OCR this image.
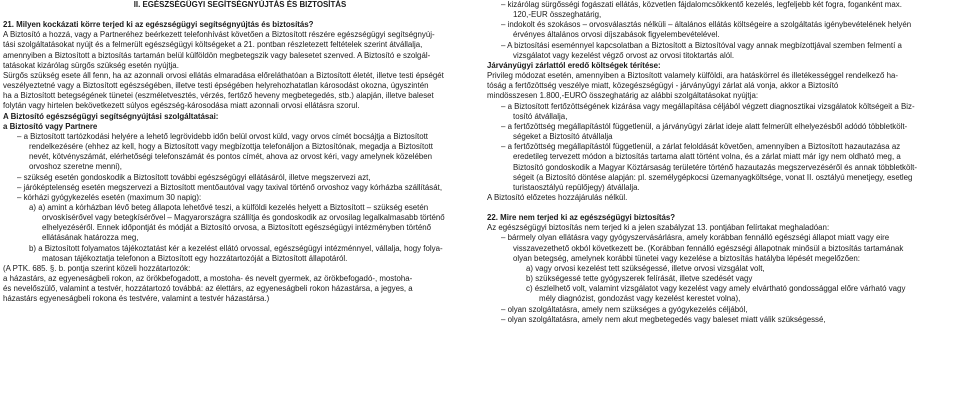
II. EGÉSZSÉGÜGYI SEGÍTSÉGNYÚJTÁS ÉS BIZTOSÍTÁS
21. Milyen kockázati körre terjed ki az egészségügyi segítségnyújtás és biztosítás?
A Biztosító a hozzá, vagy a Partneréhez beérkezett telefonhívást követően a Biztosított részére egészségügyi segítségnyúj-
tási szolgáltatásokat nyújt és a felmerült egészségügyi költségeket a 21. pontban részletezett feltételek szerint átvállalja,
amennyiben a Biztosított a biztosítás tartamán belül külföldön megbetegszik vagy balesetet szenved. A Biztosító e szolgál-
tatásokat kizárólag sürgős szükség esetén nyújtja.
Sürgős szükség esete áll fenn, ha az azonnali orvosi ellátás elmaradása előreláthatóan a Biztosított életét, illetve testi épségét
veszélyeztetné vagy a Biztosított egészségében, illetve testi épségében helyrehozhatatlan károsodást okozna, úgyszintén
ha a Biztosított betegségének tünetei (eszméletvesztés, vérzés, fertőző heveny megbetegedés, stb.) alapján, illetve baleset
folytán vagy hirtelen bekövetkezett súlyos egészség-károsodása miatt azonnali orvosi ellátásra szorul.
A Biztosító egészségügyi segítségnyújtási szolgáltatásai:
a Biztosító vagy Partnere
– a Biztosított tartózkodási helyére a lehető legrövidebb időn belül orvost küld, vagy orvos címét bocsájtja a Biztosított
rendelkezésére (ehhez az kell, hogy a Biztosított vagy megbízottja telefonáljon a Biztosítónak, megadja a Biztosított
nevét, kötvényszámát, elérhetőségi telefonszámát és pontos címét, ahova az orvost kéri, vagy amelynek közelében
orvoshoz szeretne menni),
– szükség esetén gondoskodik a Biztosított további egészségügyi ellátásáról, illetve megszervezi azt,
– járóképtelenség esetén megszervezi a Biztosított mentőautóval vagy taxival történő orvoshoz vagy kórházba szállítását,
– kórházi gyógykezelés esetén (maximum 30 napig):
a) a) amint a kórházban lévő beteg állapota lehetővé teszi, a külföldi kezelés helyett a Biztosított – szükség esetén
orvoskísérővel vagy betegkísérővel – Magyarországra szállítja és gondoskodik az orvosilag legalkalmasabb történő
elhelyezéséről. Ennek időpontját és módját a Biztosító orvosa, a Biztosított egészségügyi intézményben történő
ellátásának határozza meg,
b) a Biztosított folyamatos tájékoztatást kér a kezelést ellátó orvossal, egészségügyi intézménnyel, vállalja, hogy folya-
matosan tájékoztatja telefonon a Biztosított egy hozzátartozóját a Biztosított állapotáról.
(A PTK. 685. §. b. pontja szerint közeli hozzátartozók:
a házastárs, az egyeneságbeli rokon, az örökbefogadott, a mostoha- és nevelt gyermek, az örökbefogadó-, mostoha-
és nevelőszülő, valamint a testvér, hozzátartozó továbbá: az élettárs, az egyeneságbeli rokon házastársa, a jegyes, a
házastárs egyeneságbeli rokona és testvére, valamint a testvér házastársa.)
– kizárólag sürgősségi fogászati ellátás, közvetlen fájdalomcsökkentő kezelés, legfeljebb két fogra, foganként max.
120,-EUR összeghatárig,
– indokolt és szokásos – orvosválasztás nélküli – általános ellátás költségeire a szolgáltatás igénybevételének helyén
érvényes általános orvosi díjszabások figyelembevételével.
– A biztosítási eseménnyel kapcsolatban a Biztosított a Biztosítóval vagy annak megbízottjával szemben felmentí a
vizsgálatot vagy kezelést végző orvost az orvosi titoktartás alól.
Járványügyi zárlattól eredő költségek térítése:
Privileg módozat esetén, amennyiben a Biztosított valamely külföldi, ara hatáskörrel és illetékességgel rendelkező ha-
tóság a fertőzöttség veszélye miatt, közegészségügyi - járványügyi zárlat alá vonja, akkor a Biztosító
mindösszesen 1.800,-EURÓ összeghatárig az alábbi szolgáltatásokat nyújtja:
– a Biztosított fertőzöttségének kizárása vagy megállapítása céljából végzett diagnosztikai vizsgálatok költségeit a Biz-
tosító átvállalja,
– a fertőzöttség megállapítástól függetlenül, a járványügyi zárlat ideje alatt felmerült elhelyezésből adódó többletkölt-
ségeket a Biztosító átvállalja
– a fertőzöttség megállapítástól függetlenül, a zárlat feloldását követően, amennyiben a Biztosított hazautazása az
eredetileg tervezett módon a biztosítás tartama alatt történt volna, és a zárlat miatt már így nem oldható meg, a
Biztosító gondoskodik a Magyar Köztársaság területére történő hazautazás megszervezéséről és annak többletkölt-
ségeit (a Biztosító döntése alapján: pl. személygépkocsi üzemanyagköltsége, vonat II. osztályú menetjegy, esetleg
turistaosztályú repülőjegy) átvállalja.
A Biztosító előzetes hozzájárulás nélkül.
22. Mire nem terjed ki az egészségügyi biztosítás?
Az egészségügyi biztosítás nem terjed ki a jelen szabályzat 13. pontjában felírtakat meghaladóan:
– bármely olyan ellátásra vagy gyógyszervásárlásra, amely korábban fennálló egészségi állapot miatt vagy eire
visszavezethető okból következett be. (Korábban fennálló egészségi állapotnak minősül a biztosítás tartamának
olyan betegség, amelynek korábbi tünetei vagy kezelése a biztosítás hatályba lépését megelőzően:
a) vagy orvosi kezelést tett szükségessé, illetve orvosi vizsgálat volt,
b) szükségessé tette gyógyszerek felírását, illetve szedését vagy
c) észlelhető volt, valamint vizsgálatot vagy kezelést vagy amely elvártható gondossággal előre várható vagy
mély diagnózist, gondozást vagy kezelést kerestet volna),
– olyan szolgáltatásra, amely nem szükséges a gyógykezelés céljából,
– olyan szolgáltatásra, amely nem akut megbetegedés vagy baleset miatt válik szükségessé,
